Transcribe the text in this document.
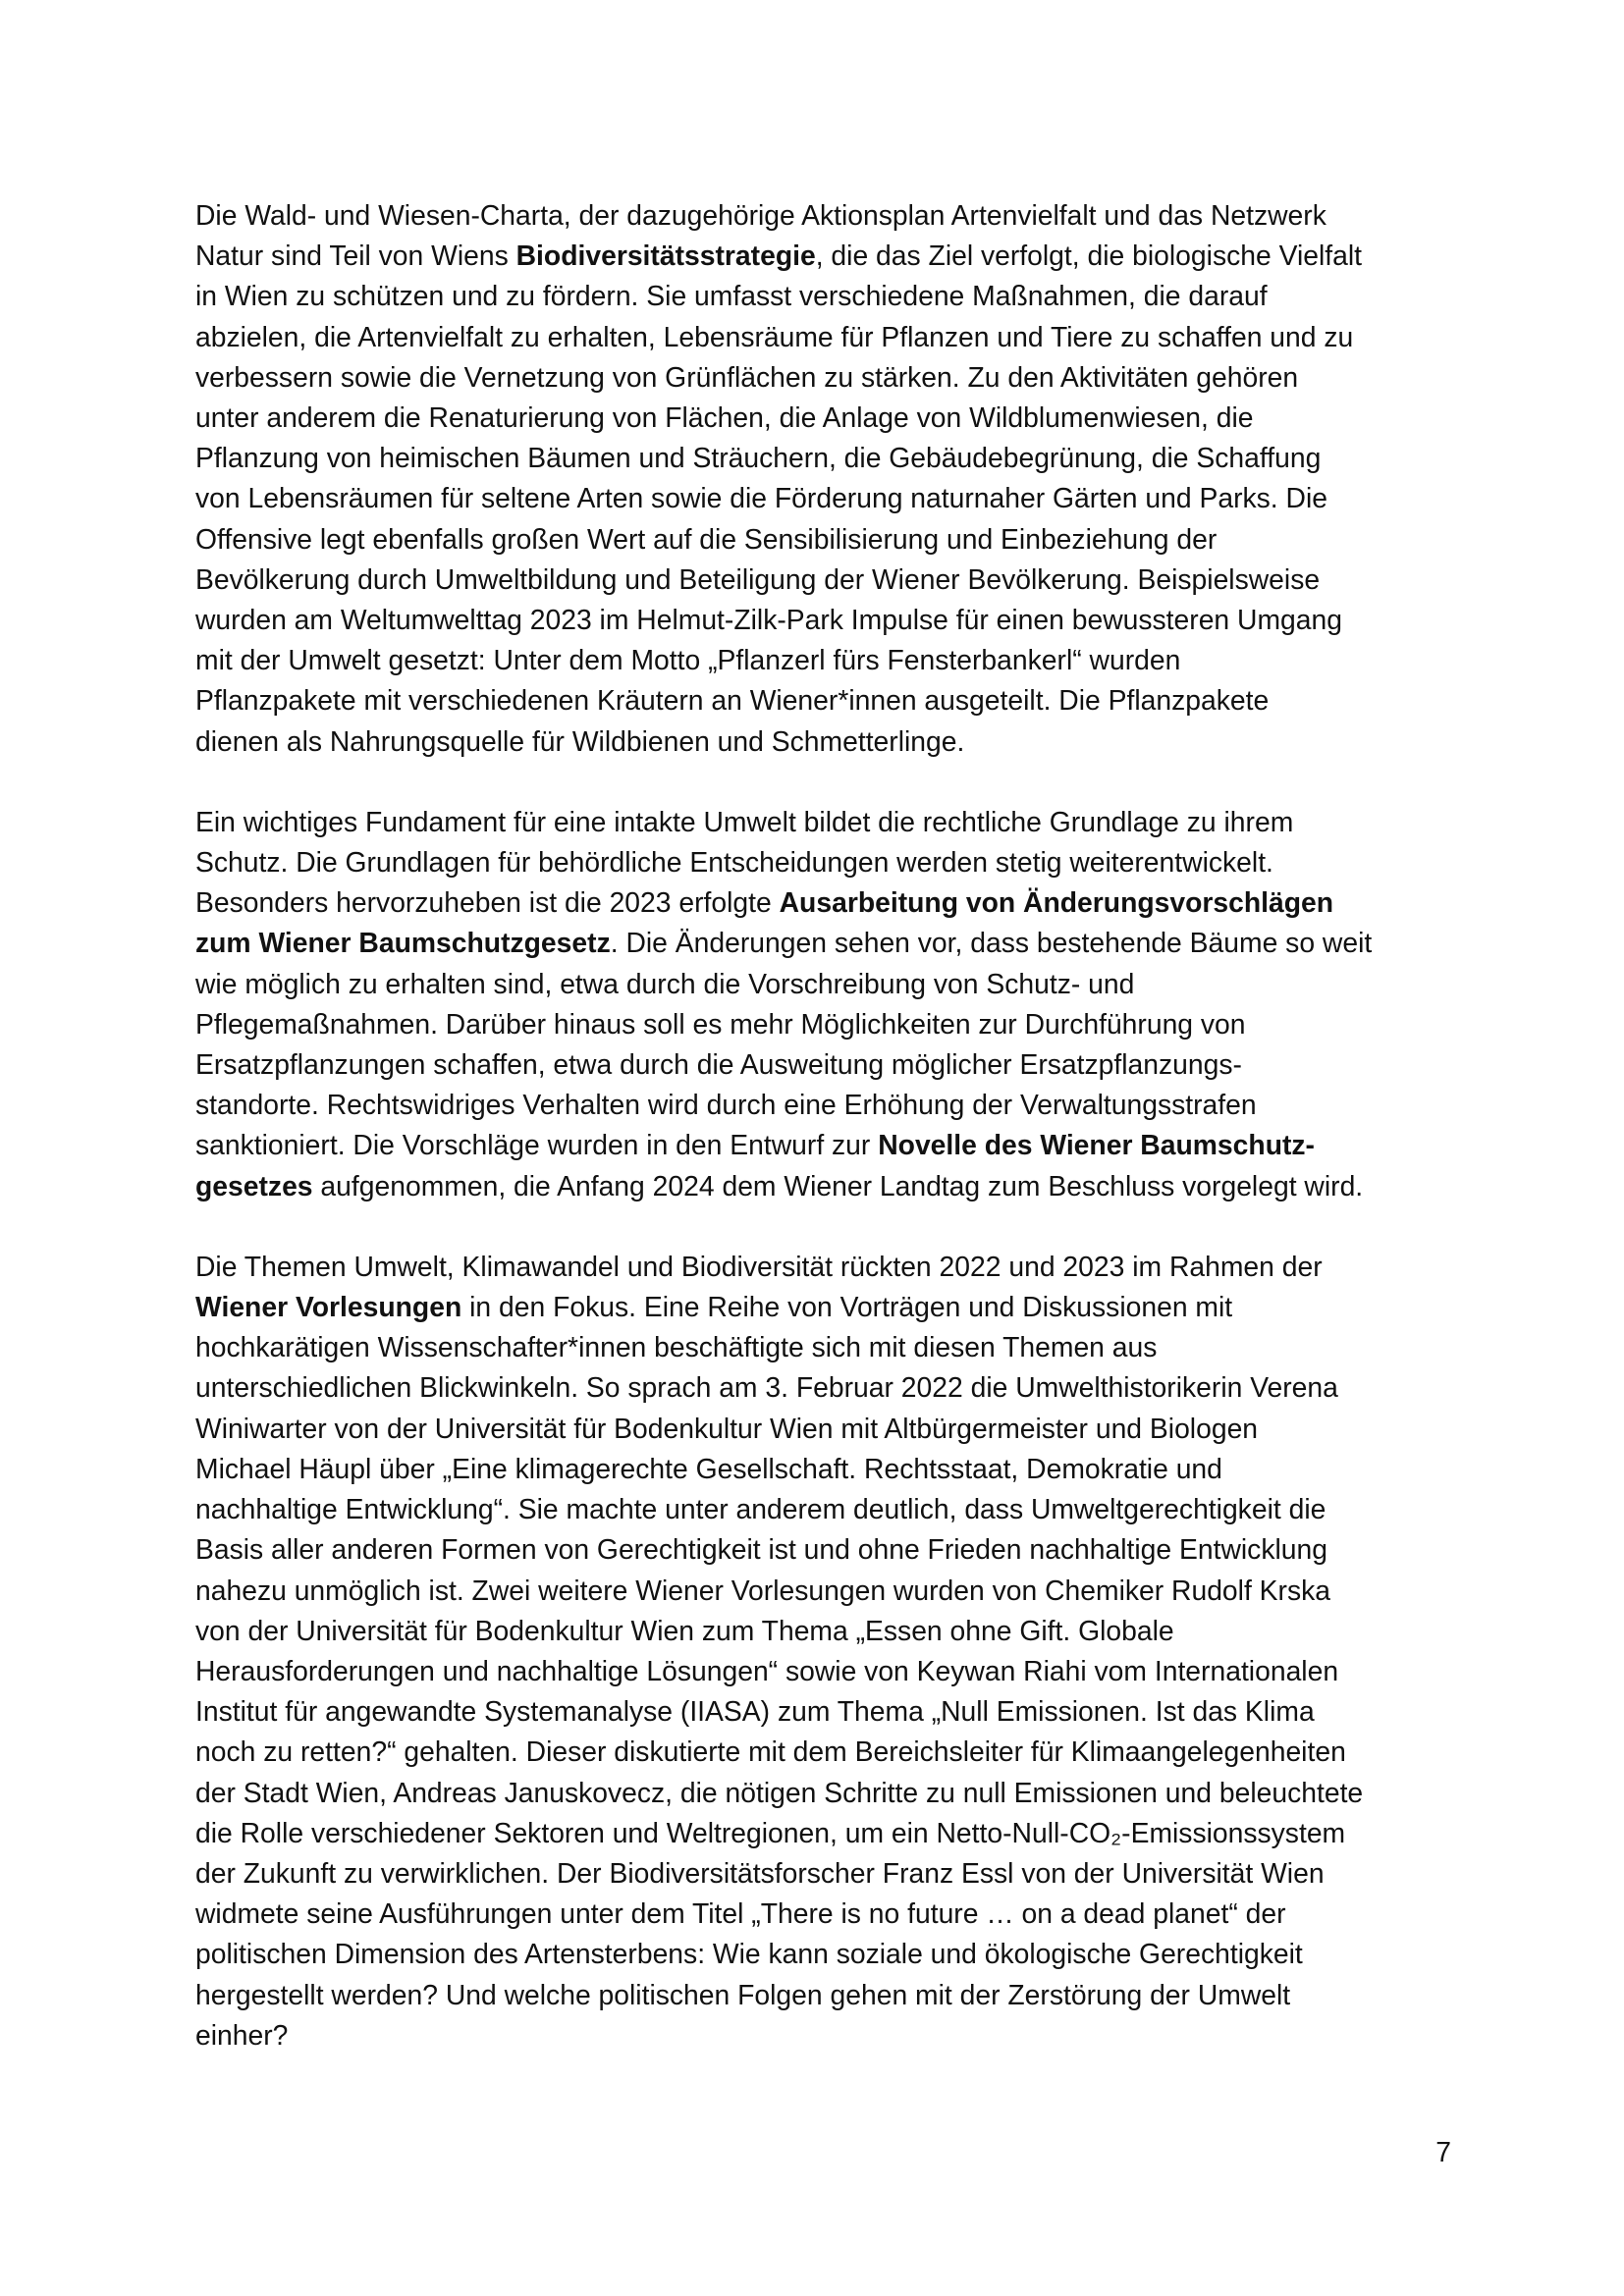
Die Wald- und Wiesen-Charta, der dazugehörige Aktionsplan Artenvielfalt und das Netzwerk
Natur sind Teil von Wiens Biodiversitätsstrategie, die das Ziel verfolgt, die biologische Vielfalt
in Wien zu schützen und zu fördern. Sie umfasst verschiedene Maßnahmen, die darauf
abzielen, die Artenvielfalt zu erhalten, Lebensräume für Pflanzen und Tiere zu schaffen und zu
verbessern sowie die Vernetzung von Grünflächen zu stärken. Zu den Aktivitäten gehören
unter anderem die Renaturierung von Flächen, die Anlage von Wildblumenwiesen, die
Pflanzung von heimischen Bäumen und Sträuchern, die Gebäudebegrünung, die Schaffung
von Lebensräumen für seltene Arten sowie die Förderung naturnaher Gärten und Parks. Die
Offensive legt ebenfalls großen Wert auf die Sensibilisierung und Einbeziehung der
Bevölkerung durch Umweltbildung und Beteiligung der Wiener Bevölkerung. Beispielsweise
wurden am Weltumwelttag 2023 im Helmut-Zilk-Park Impulse für einen bewussteren Umgang
mit der Umwelt gesetzt: Unter dem Motto „Pflanzerl fürs Fensterbankerl“ wurden
Pflanzpakete mit verschiedenen Kräutern an Wiener*innen ausgeteilt. Die Pflanzpakete
dienen als Nahrungsquelle für Wildbienen und Schmetterlinge.

Ein wichtiges Fundament für eine intakte Umwelt bildet die rechtliche Grundlage zu ihrem
Schutz. Die Grundlagen für behördliche Entscheidungen werden stetig weiterentwickelt.
Besonders hervorzuheben ist die 2023 erfolgte Ausarbeitung von Änderungsvorschlägen
zum Wiener Baumschutzgesetz. Die Änderungen sehen vor, dass bestehende Bäume so weit
wie möglich zu erhalten sind, etwa durch die Vorschreibung von Schutz- und
Pflegemaßnahmen. Darüber hinaus soll es mehr Möglichkeiten zur Durchführung von
Ersatzpflanzungen schaffen, etwa durch die Ausweitung möglicher Ersatzpflanzungs-
standorte. Rechtswidriges Verhalten wird durch eine Erhöhung der Verwaltungsstrafen
sanktioniert. Die Vorschläge wurden in den Entwurf zur Novelle des Wiener Baumschutz-
gesetzes aufgenommen, die Anfang 2024 dem Wiener Landtag zum Beschluss vorgelegt wird.

Die Themen Umwelt, Klimawandel und Biodiversität rückten 2022 und 2023 im Rahmen der
Wiener Vorlesungen in den Fokus. Eine Reihe von Vorträgen und Diskussionen mit
hochkarätigen Wissenschafter*innen beschäftigte sich mit diesen Themen aus
unterschiedlichen Blickwinkeln. So sprach am 3. Februar 2022 die Umwelthistorikerin Verena
Winiwarter von der Universität für Bodenkultur Wien mit Altbürgermeister und Biologen
Michael Häupl über „Eine klimagerechte Gesellschaft. Rechtsstaat, Demokratie und
nachhaltige Entwicklung“. Sie machte unter anderem deutlich, dass Umweltgerechtigkeit die
Basis aller anderen Formen von Gerechtigkeit ist und ohne Frieden nachhaltige Entwicklung
nahezu unmöglich ist. Zwei weitere Wiener Vorlesungen wurden von Chemiker Rudolf Krska
von der Universität für Bodenkultur Wien zum Thema „Essen ohne Gift. Globale
Herausforderungen und nachhaltige Lösungen“ sowie von Keywan Riahi vom Internationalen
Institut für angewandte Systemanalyse (IIASA) zum Thema „Null Emissionen. Ist das Klima
noch zu retten?“ gehalten. Dieser diskutierte mit dem Bereichsleiter für Klimaangelegenheiten
der Stadt Wien, Andreas Januskovecz, die nötigen Schritte zu null Emissionen und beleuchtete
die Rolle verschiedener Sektoren und Weltregionen, um ein Netto-Null-CO₂-Emissionssystem
der Zukunft zu verwirklichen. Der Biodiversitätsforscher Franz Essl von der Universität Wien
widmete seine Ausführungen unter dem Titel „There is no future … on a dead planet“ der
politischen Dimension des Artensterbens: Wie kann soziale und ökologische Gerechtigkeit
hergestellt werden? Und welche politischen Folgen gehen mit der Zerstörung der Umwelt
einher?

7
